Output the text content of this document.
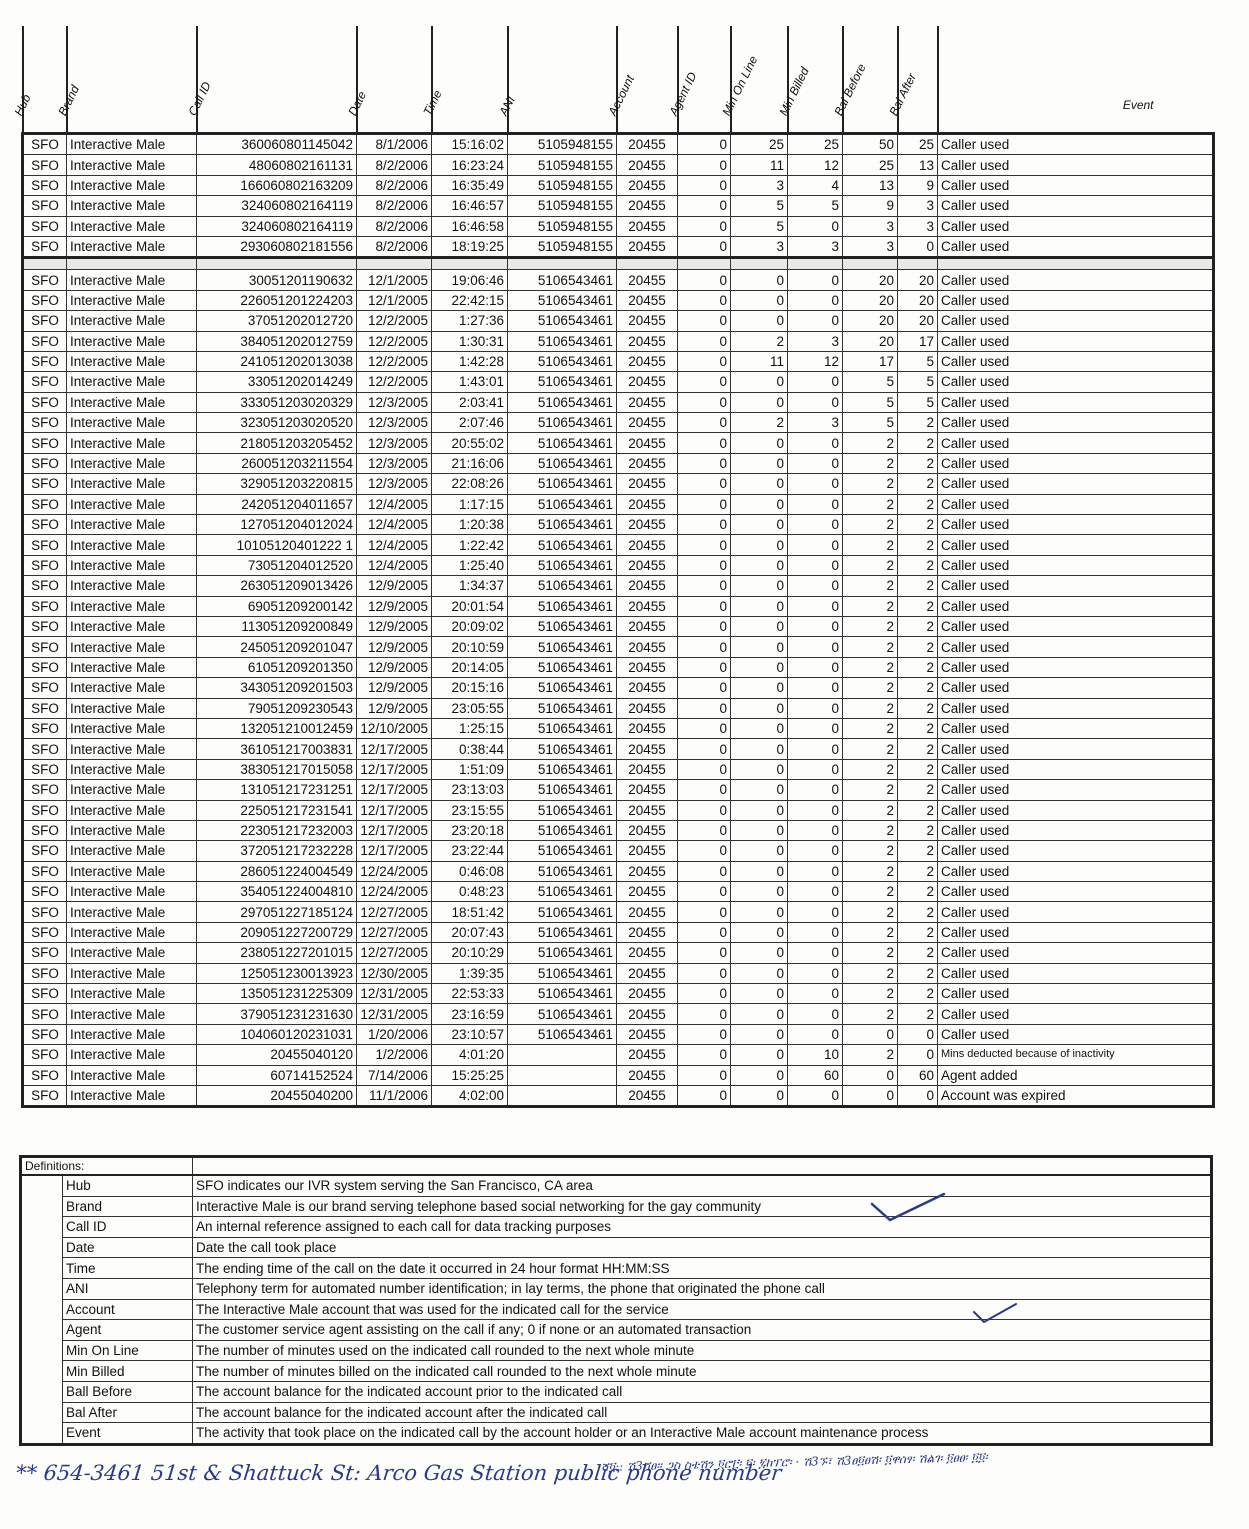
Hub	Brand	Call ID	Date	Time	ANI	Account	Agent ID	Min On Line	Min Billed	Bal Before	Bal After	Event

SFO	Interactive Male	360060801145042	8/1/2006	15:16:02	5105948155	20455	0	25	25	50	25	Caller used
SFO	Interactive Male	48060802161131	8/2/2006	16:23:24	5105948155	20455	0	11	12	25	13	Caller used
SFO	Interactive Male	166060802163209	8/2/2006	16:35:49	5105948155	20455	0	3	4	13	9	Caller used
SFO	Interactive Male	324060802164119	8/2/2006	16:46:57	5105948155	20455	0	5	5	9	3	Caller used
SFO	Interactive Male	324060802164119	8/2/2006	16:46:58	5105948155	20455	0	5	0	3	3	Caller used
SFO	Interactive Male	293060802181556	8/2/2006	18:19:25	5105948155	20455	0	3	3	3	0	Caller used

SFO	Interactive Male	30051201190632	12/1/2005	19:06:46	5106543461	20455	0	0	0	20	20	Caller used
SFO	Interactive Male	226051201224203	12/1/2005	22:42:15	5106543461	20455	0	0	0	20	20	Caller used
SFO	Interactive Male	37051202012720	12/2/2005	1:27:36	5106543461	20455	0	0	0	20	20	Caller used
SFO	Interactive Male	384051202012759	12/2/2005	1:30:31	5106543461	20455	0	2	3	20	17	Caller used
SFO	Interactive Male	241051202013038	12/2/2005	1:42:28	5106543461	20455	0	11	12	17	5	Caller used
SFO	Interactive Male	33051202014249	12/2/2005	1:43:01	5106543461	20455	0	0	0	5	5	Caller used
SFO	Interactive Male	333051203020329	12/3/2005	2:03:41	5106543461	20455	0	0	0	5	5	Caller used
SFO	Interactive Male	323051203020520	12/3/2005	2:07:46	5106543461	20455	0	2	3	5	2	Caller used
SFO	Interactive Male	218051203205452	12/3/2005	20:55:02	5106543461	20455	0	0	0	2	2	Caller used
SFO	Interactive Male	260051203211554	12/3/2005	21:16:06	5106543461	20455	0	0	0	2	2	Caller used
SFO	Interactive Male	329051203220815	12/3/2005	22:08:26	5106543461	20455	0	0	0	2	2	Caller used
SFO	Interactive Male	242051204011657	12/4/2005	1:17:15	5106543461	20455	0	0	0	2	2	Caller used
SFO	Interactive Male	127051204012024	12/4/2005	1:20:38	5106543461	20455	0	0	0	2	2	Caller used
SFO	Interactive Male	10105120401222 1	12/4/2005	1:22:42	5106543461	20455	0	0	0	2	2	Caller used
SFO	Interactive Male	73051204012520	12/4/2005	1:25:40	5106543461	20455	0	0	0	2	2	Caller used
SFO	Interactive Male	263051209013426	12/9/2005	1:34:37	5106543461	20455	0	0	0	2	2	Caller used
SFO	Interactive Male	69051209200142	12/9/2005	20:01:54	5106543461	20455	0	0	0	2	2	Caller used
SFO	Interactive Male	113051209200849	12/9/2005	20:09:02	5106543461	20455	0	0	0	2	2	Caller used
SFO	Interactive Male	245051209201047	12/9/2005	20:10:59	5106543461	20455	0	0	0	2	2	Caller used
SFO	Interactive Male	61051209201350	12/9/2005	20:14:05	5106543461	20455	0	0	0	2	2	Caller used
SFO	Interactive Male	343051209201503	12/9/2005	20:15:16	5106543461	20455	0	0	0	2	2	Caller used
SFO	Interactive Male	79051209230543	12/9/2005	23:05:55	5106543461	20455	0	0	0	2	2	Caller used
SFO	Interactive Male	132051210012459	12/10/2005	1:25:15	5106543461	20455	0	0	0	2	2	Caller used
SFO	Interactive Male	361051217003831	12/17/2005	0:38:44	5106543461	20455	0	0	0	2	2	Caller used
SFO	Interactive Male	383051217015058	12/17/2005	1:51:09	5106543461	20455	0	0	0	2	2	Caller used
SFO	Interactive Male	131051217231251	12/17/2005	23:13:03	5106543461	20455	0	0	0	2	2	Caller used
SFO	Interactive Male	225051217231541	12/17/2005	23:15:55	5106543461	20455	0	0	0	2	2	Caller used
SFO	Interactive Male	223051217232003	12/17/2005	23:20:18	5106543461	20455	0	0	0	2	2	Caller used
SFO	Interactive Male	372051217232228	12/17/2005	23:22:44	5106543461	20455	0	0	0	2	2	Caller used
SFO	Interactive Male	286051224004549	12/24/2005	0:46:08	5106543461	20455	0	0	0	2	2	Caller used
SFO	Interactive Male	354051224004810	12/24/2005	0:48:23	5106543461	20455	0	0	0	2	2	Caller used
SFO	Interactive Male	297051227185124	12/27/2005	18:51:42	5106543461	20455	0	0	0	2	2	Caller used
SFO	Interactive Male	209051227200729	12/27/2005	20:07:43	5106543461	20455	0	0	0	2	2	Caller used
SFO	Interactive Male	238051227201015	12/27/2005	20:10:29	5106543461	20455	0	0	0	2	2	Caller used
SFO	Interactive Male	125051230013923	12/30/2005	1:39:35	5106543461	20455	0	0	0	2	2	Caller used
SFO	Interactive Male	135051231225309	12/31/2005	22:53:33	5106543461	20455	0	0	0	2	2	Caller used
SFO	Interactive Male	379051231231630	12/31/2005	23:16:59	5106543461	20455	0	0	0	2	2	Caller used
SFO	Interactive Male	104060120231031	1/20/2006	23:10:57	5106543461	20455	0	0	0	0	0	Caller used
SFO	Interactive Male	20455040120	1/2/2006	4:01:20		20455	0	0	10	2	0	Mins deducted because of inactivity
SFO	Interactive Male	60714152524	7/14/2006	15:25:25		20455	0	0	60	0	60	Agent added
SFO	Interactive Male	20455040200	11/1/2006	4:02:00		20455	0	0	0	0	0	Account was expired
Definitions:		
	Hub	SFO indicates our IVR system serving the San Francisco, CA area
	Brand	Interactive Male is our brand serving telephone based social networking for the gay community
	Call ID	An internal reference assigned to each call for data tracking purposes
	Date	Date the call took place
	Time	The ending time of the call on the date it occurred in 24 hour format HH:MM:SS
	ANI	Telephony term for automated number identification; in lay terms, the phone that originated the phone call
	Account	The Interactive Male account that was used for the indicated call for the service
	Agent	The customer service agent assisting on the call if any; 0 if none or an automated transaction
	Min On Line	The number of minutes used on the indicated call rounded to the next whole minute
	Min Billed	The number of minutes billed on the indicated call rounded to the next whole minute
	Ball Before	The account balance for the indicated account prior to the indicated call
	Bal After	The account balance for the indicated account after the indicated call
	Event	The activity that took place on the indicated call by the account holder or an Interactive Male account maintenance process
** 654-3461 51st & Shattuck St: Arco Gas Station public phone number
ሻ፬:: ሽ3ሻፀ፡፡ ጋስ ስቴሽን ፬ሮ፫፡ ፬፡ ፯ከፕሮ፡ · ሽ3ኙ፣ ሽ3ፀ፬ፀሽ፡ ፬ዋሰፃ፡ ሽልገ፡ ፬ፀፀ፡ ፬፬፡
